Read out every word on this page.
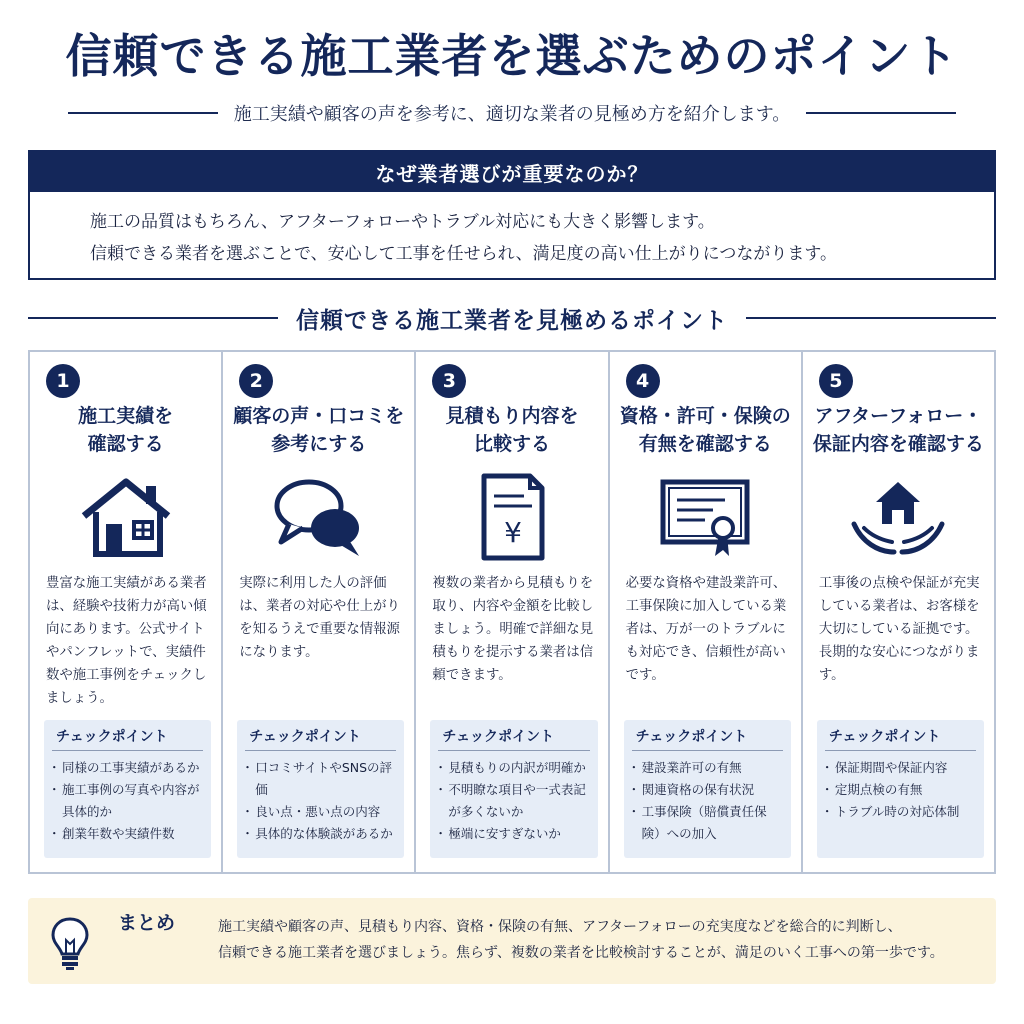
信頼できる施工業者を選ぶためのポイント
施工実績や顧客の声を参考に、適切な業者の見極め方を紹介します。
なぜ業者選びが重要なのか？
施工の品質はもちろん、アフターフォローやトラブル対応にも大きく影響します。
信頼できる業者を選ぶことで、安心して工事を任せられ、満足度の高い仕上がりにつながります。
信頼できる施工業者を見極めるポイント
1
施工実績を
確認する
豊富な施工実績がある業者は、経験や技術力が高い傾向にあります。公式サイトやパンフレットで、実績件数や施工事例をチェックしましょう。
チェックポイント
・ 同様の工事実績があるか
・ 施工事例の写真や内容が具体的か
・ 創業年数や実績件数
2
顧客の声・口コミを
参考にする
実際に利用した人の評価は、業者の対応や仕上がりを知るうえで重要な情報源になります。
チェックポイント
・ 口コミサイトやSNSの評価
・ 良い点・悪い点の内容
・ 具体的な体験談があるか
3
見積もり内容を
比較する
¥
複数の業者から見積もりを取り、内容や金額を比較しましょう。明確で詳細な見積もりを提示する業者は信頼できます。
チェックポイント
・ 見積もりの内訳が明確か
・ 不明瞭な項目や一式表記が多くないか
・ 極端に安すぎないか
4
資格・許可・保険の
有無を確認する
必要な資格や建設業許可、工事保険に加入している業者は、万が一のトラブルにも対応でき、信頼性が高いです。
チェックポイント
・ 建設業許可の有無
・ 関連資格の保有状況
・ 工事保険（賠償責任保険）への加入
5
アフターフォロー・
保証内容を確認する
工事後の点検や保証が充実している業者は、お客様を大切にしている証拠です。長期的な安心につながります。
チェックポイント
・ 保証期間や保証内容
・ 定期点検の有無
・ トラブル時の対応体制
まとめ	施工実績や顧客の声、見積もり内容、資格・保険の有無、アフターフォローの充実度などを総合的に判断し、
信頼できる施工業者を選びましょう。焦らず、複数の業者を比較検討することが、満足のいく工事への第一歩です。
